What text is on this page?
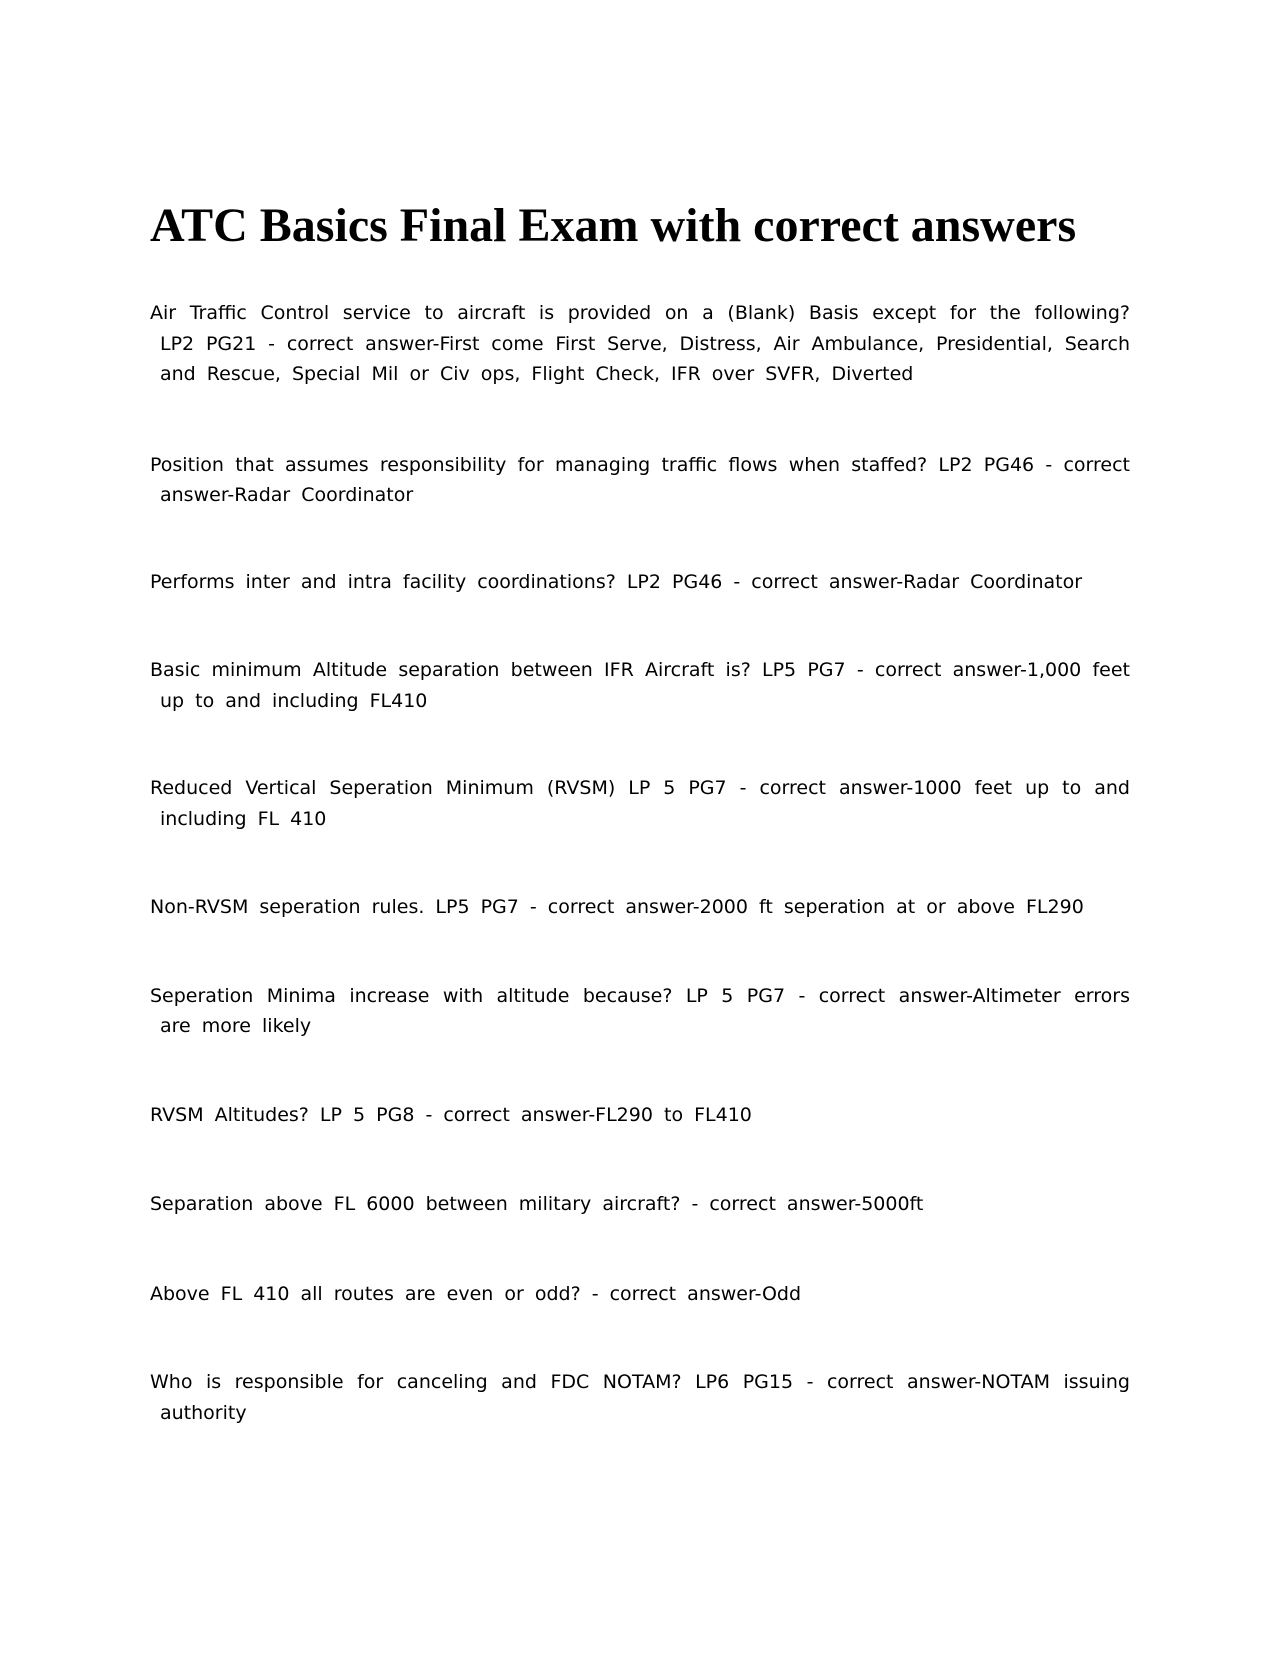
ATC Basics Final Exam with correct answers

Air Traffic Control service to aircraft is provided on a (Blank) Basis except for the following? LP2 PG21 - correct answer-First come First Serve, Distress, Air Ambulance, Presidential, Search and Rescue, Special Mil or Civ ops, Flight Check, IFR over SVFR, Diverted

Position that assumes responsibility for managing traffic flows when staffed? LP2 PG46 - correct answer-Radar Coordinator

Performs inter and intra facility coordinations? LP2 PG46 - correct answer-Radar Coordinator

Basic minimum Altitude separation between IFR Aircraft is? LP5 PG7 - correct answer-1,000 feet up to and including FL410

Reduced Vertical Seperation Minimum (RVSM) LP 5 PG7 - correct answer-1000 feet up to and including FL 410

Non-RVSM seperation rules. LP5 PG7 - correct answer-2000 ft seperation at or above FL290

Seperation Minima increase with altitude because? LP 5 PG7 - correct answer-Altimeter errors are more likely

RVSM Altitudes? LP 5 PG8 - correct answer-FL290 to FL410

Separation above FL 6000 between military aircraft? - correct answer-5000ft

Above FL 410 all routes are even or odd? - correct answer-Odd

Who is responsible for canceling and FDC NOTAM? LP6 PG15 - correct answer-NOTAM issuing authority
